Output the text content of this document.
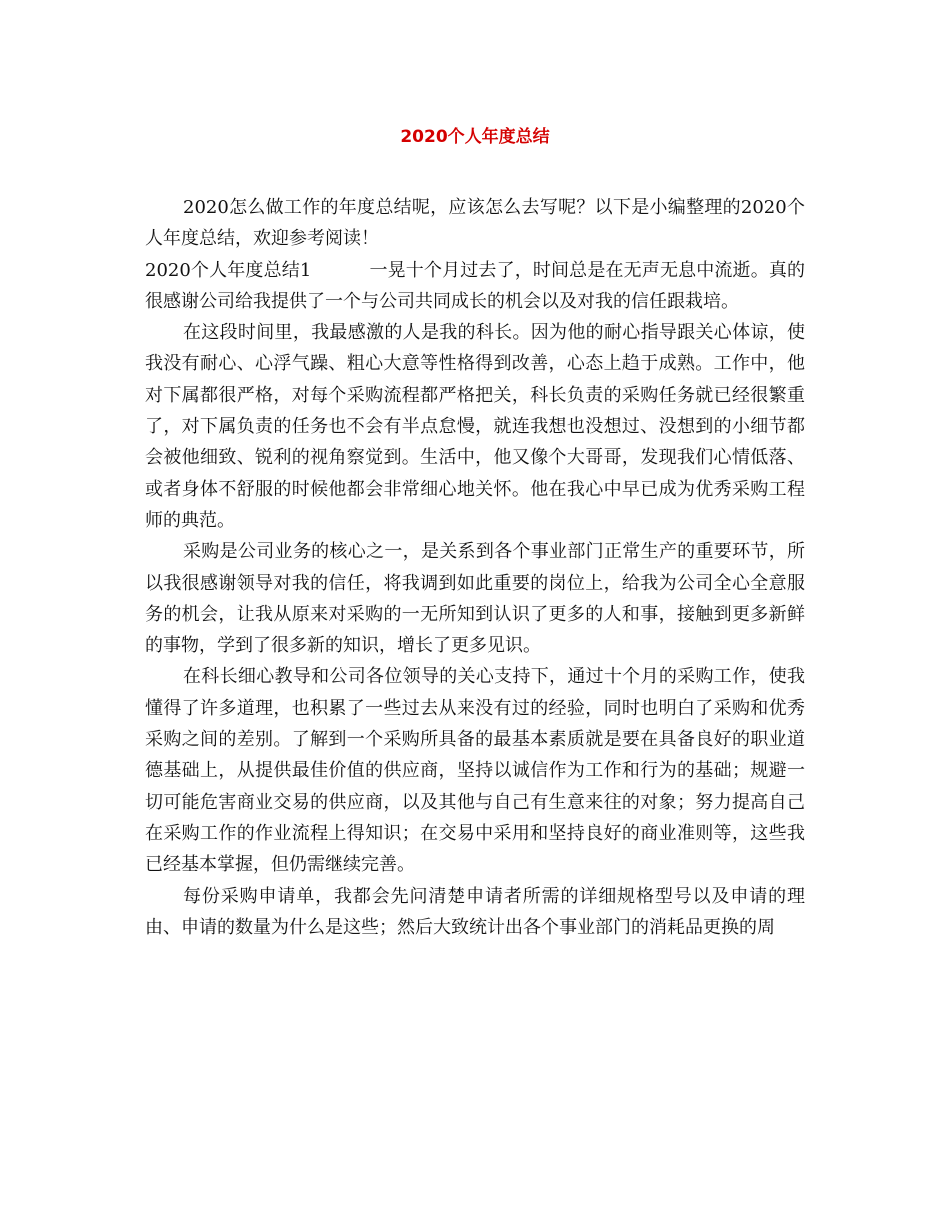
2020个人年度总结

2020怎么做工作的年度总结呢，应该怎么去写呢？以下是小编整理的2020个人年度总结，欢迎参考阅读！

2020个人年度总结1	一晃十个月过去了，时间总是在无声无息中流逝。真的很感谢公司给我提供了一个与公司共同成长的机会以及对我的信任跟栽培。

在这段时间里，我最感激的人是我的科长。因为他的耐心指导跟关心体谅，使我没有耐心、心浮气躁、粗心大意等性格得到改善，心态上趋于成熟。工作中，他对下属都很严格，对每个采购流程都严格把关，科长负责的采购任务就已经很繁重了，对下属负责的任务也不会有半点怠慢，就连我想也没想过、没想到的小细节都会被他细致、锐利的视角察觉到。生活中，他又像个大哥哥，发现我们心情低落、或者身体不舒服的时候他都会非常细心地关怀。他在我心中早已成为优秀采购工程师的典范。

采购是公司业务的核心之一，是关系到各个事业部门正常生产的重要环节，所以我很感谢领导对我的信任，将我调到如此重要的岗位上，给我为公司全心全意服务的机会，让我从原来对采购的一无所知到认识了更多的人和事，接触到更多新鲜的事物，学到了很多新的知识，增长了更多见识。

在科长细心教导和公司各位领导的关心支持下，通过十个月的采购工作，使我懂得了许多道理，也积累了一些过去从来没有过的经验，同时也明白了采购和优秀采购之间的差别。了解到一个采购所具备的最基本素质就是要在具备良好的职业道德基础上，从提供最佳价值的供应商，坚持以诚信作为工作和行为的基础；规避一切可能危害商业交易的供应商，以及其他与自己有生意来往的对象；努力提高自己在采购工作的作业流程上得知识；在交易中采用和坚持良好的商业准则等，这些我已经基本掌握，但仍需继续完善。

每份采购申请单，我都会先问清楚申请者所需的详细规格型号以及申请的理由、申请的数量为什么是这些；然后大致统计出各个事业部门的消耗品更换的周
